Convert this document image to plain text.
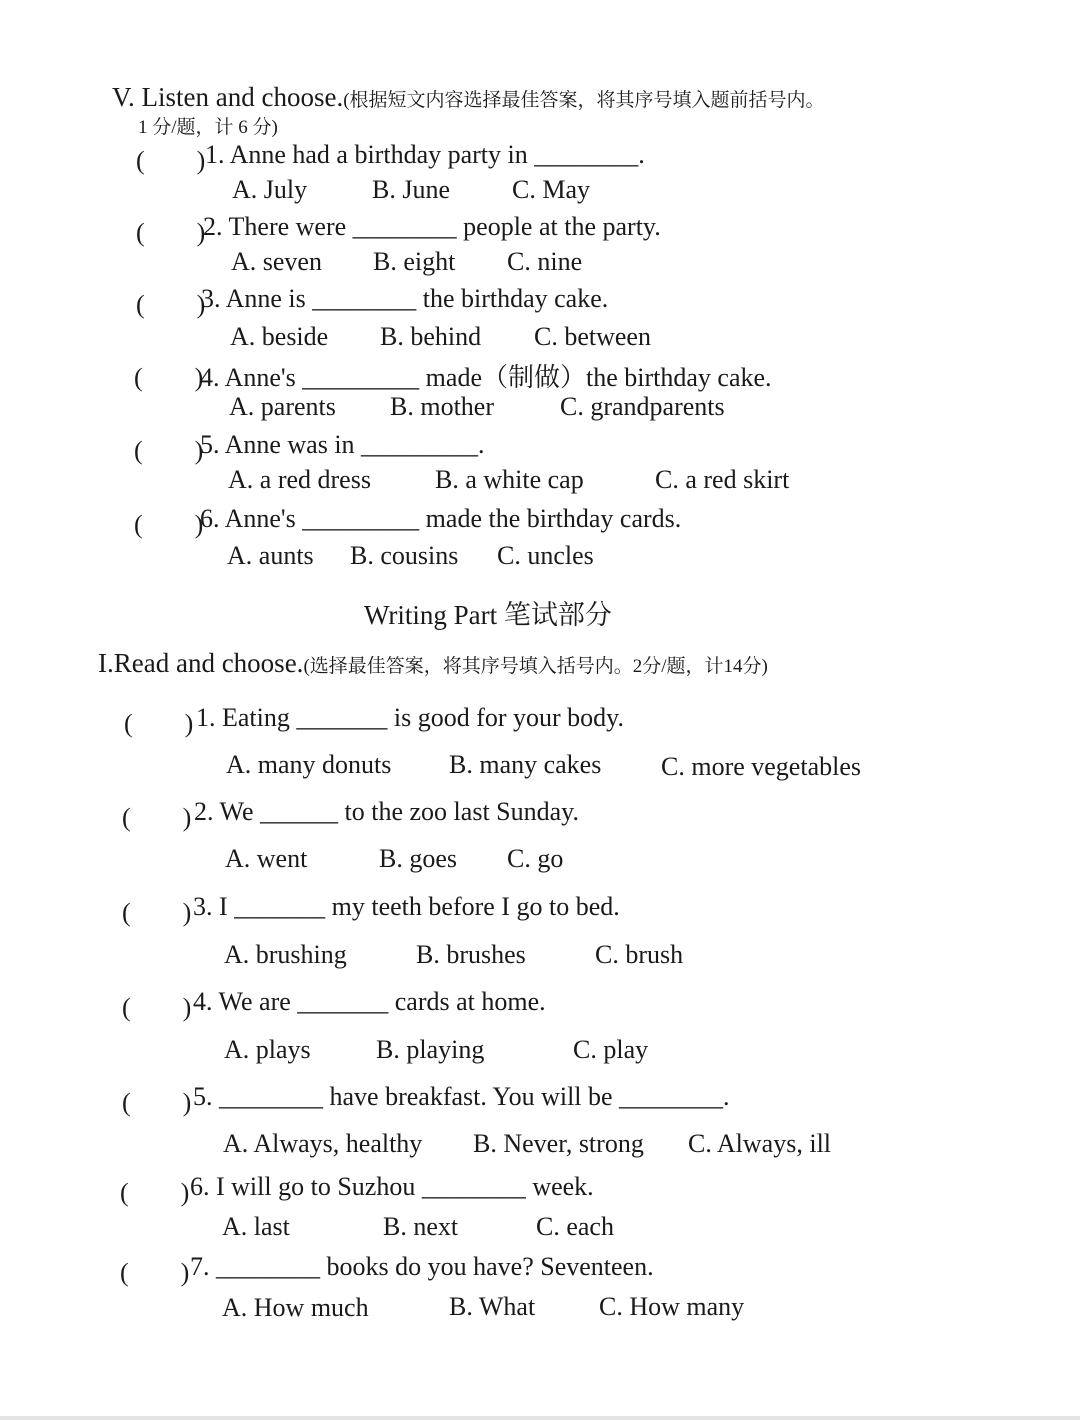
V. Listen and choose.(根据短文内容选择最佳答案，将其序号填入题前括号内。
1 分/题，计 6 分)
(　　) 1. Anne had a birthday party in ________.
A. July B. June C. May
(　　)
2. There were ________ people at the party.
A. seven B. eight C. nine
(　　)
3. Anne is ________ the birthday cake.
A. beside B. behind C. between
(　　)
4. Anne's _________ made（制做）the birthday cake.
A. parents B. mother	C. grandparents
(　　)
5. Anne was in _________.
A. a red dress B. a white cap	C. a red skirt
(　　)
6. Anne's _________ made the birthday cards.
A. aunts B. cousins C. uncles
Writing Part 笔试部分
I.Read and choose.(选择最佳答案，将其序号填入括号内。2分/题，计14分)
(　　) 1. Eating _______ is good for your body.
A. many donuts B. many cakes C. more vegetables
(　　) 2. We ______ to the zoo last Sunday.
A. went	B. goes C. go
(　　) 3. I _______ my teeth before I go to bed.
A. brushing	B. brushes	C. brush
(　　) 4. We are _______ cards at home.
A. plays	B. playing	C. play
(　　) 5. ________ have breakfast. You will be ________.
A. Always, healthy B. Never, strong C. Always, ill
(　　) 6. I will go to Suzhou ________ week.
A. last	B. next	C. each
(　　) 7. ________ books do you have? Seventeen.
A. How much	B. What C. How many
